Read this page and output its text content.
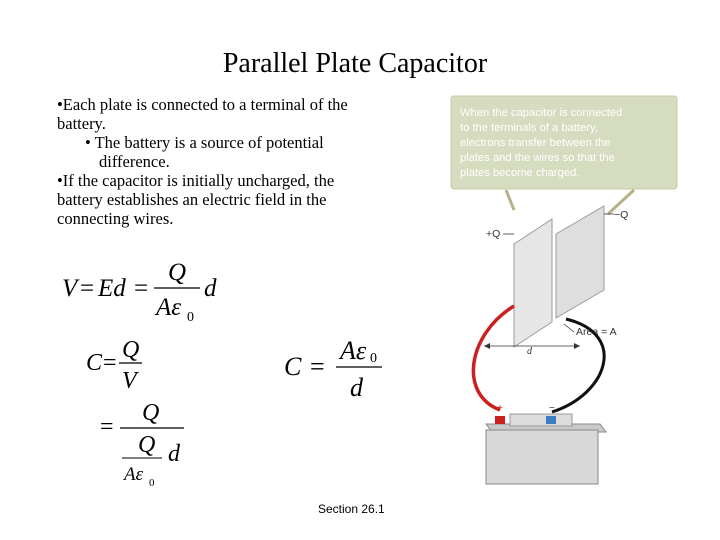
Parallel Plate Capacitor
•Each plate is connected to a terminal of the battery.
• The battery is a source of potential
difference.
•If the capacitor is initially uncharged, the battery establishes an electric field in the connecting wires.
V = Ed =
Q
Aε 0
d
C = Q
V	C =
Aε 0
d
=
Q
Q
Aε 0
d
When the capacitor is connected
to the terminals of a battery,
electrons transfer between the
plates and the wires so that the
plates become charged.
+Q
−Q
d
Area = A
+	−
Section 26.1
